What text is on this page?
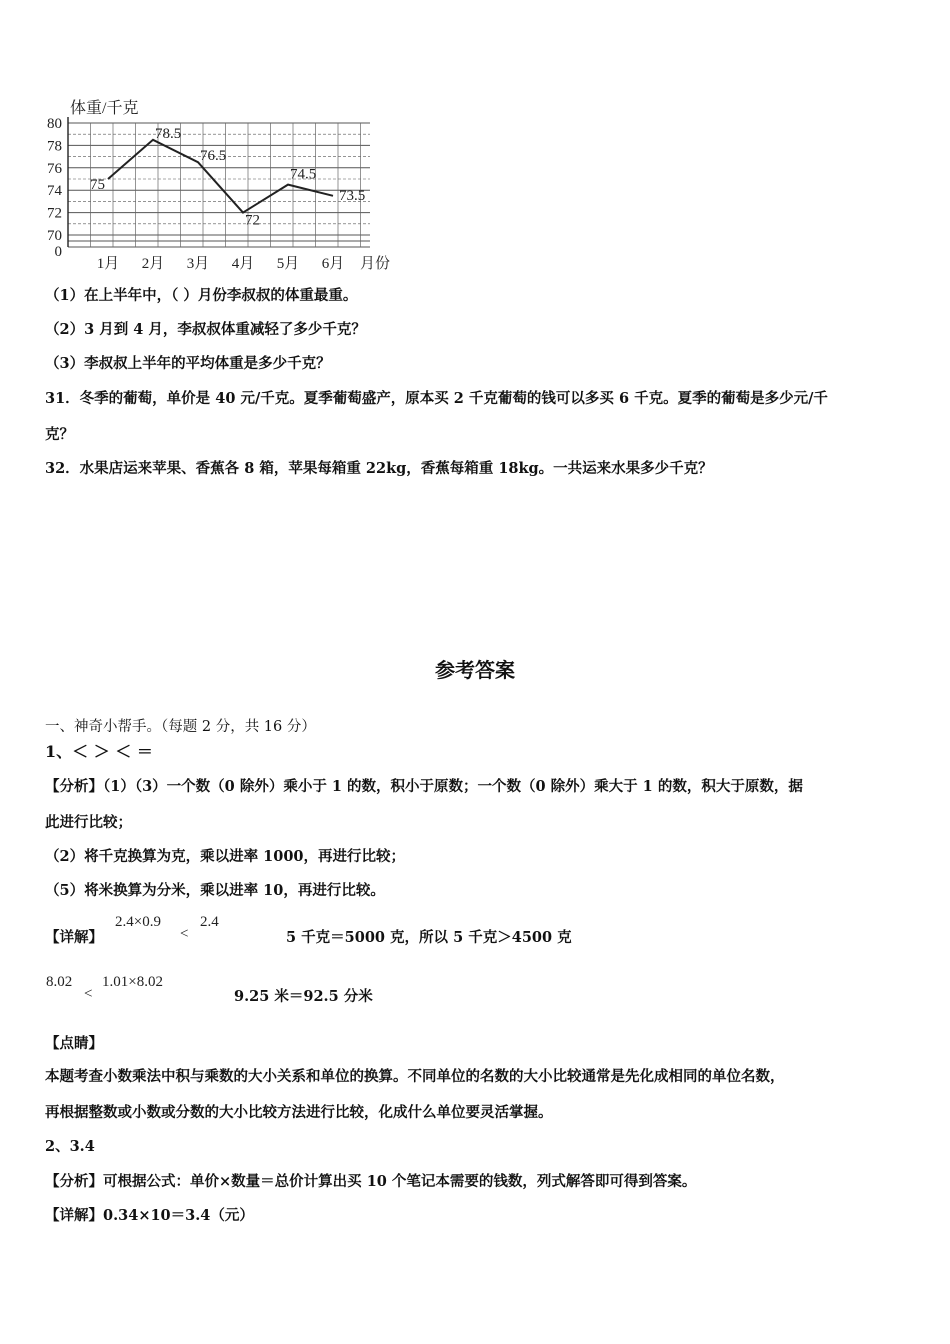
体重/千克
80
78
76
74
72
70
0
1月 2月 3月 4月 5月 6月
75
78.5
76.5
72
74.5
73.5
月份
（1）在上半年中，（ ）月份李叔叔的体重最重。
（2）3 月到 4 月，李叔叔体重减轻了多少千克？
（3）李叔叔上半年的平均体重是多少千克？
31．冬季的葡萄，单价是 40 元/千克。夏季葡萄盛产，原本买 2 千克葡萄的钱可以多买 6 千克。夏季的葡萄是多少元/千
克？
32．水果店运来苹果、香蕉各 8 箱，苹果每箱重 22kg，香蕉每箱重 18kg。一共运来水果多少千克？
参考答案
一、神奇小帮手。（每题 2 分，共 16 分）
1、＜ ＞ ＜ ＝
【分析】（1）（3）一个数（0 除外）乘小于 1 的数，积小于原数；一个数（0 除外）乘大于 1 的数，积大于原数，据
此进行比较；
（2）将千克换算为克，乘以进率 1000，再进行比较；
（5）将米换算为分米，乘以进率 10，再进行比较。
【详解】
2.4×0.9
<
2.4
5 千克＝5000 克，所以 5 千克＞4500 克
8.02
<
1.01×8.02
9.25 米＝92.5 分米
【点睛】
本题考查小数乘法中积与乘数的大小关系和单位的换算。不同单位的名数的大小比较通常是先化成相同的单位名数，
再根据整数或小数或分数的大小比较方法进行比较，化成什么单位要灵活掌握。
2、3.4
【分析】可根据公式：单价×数量＝总价计算出买 10 个笔记本需要的钱数，列式解答即可得到答案。
【详解】0.34×10＝3.4（元）
